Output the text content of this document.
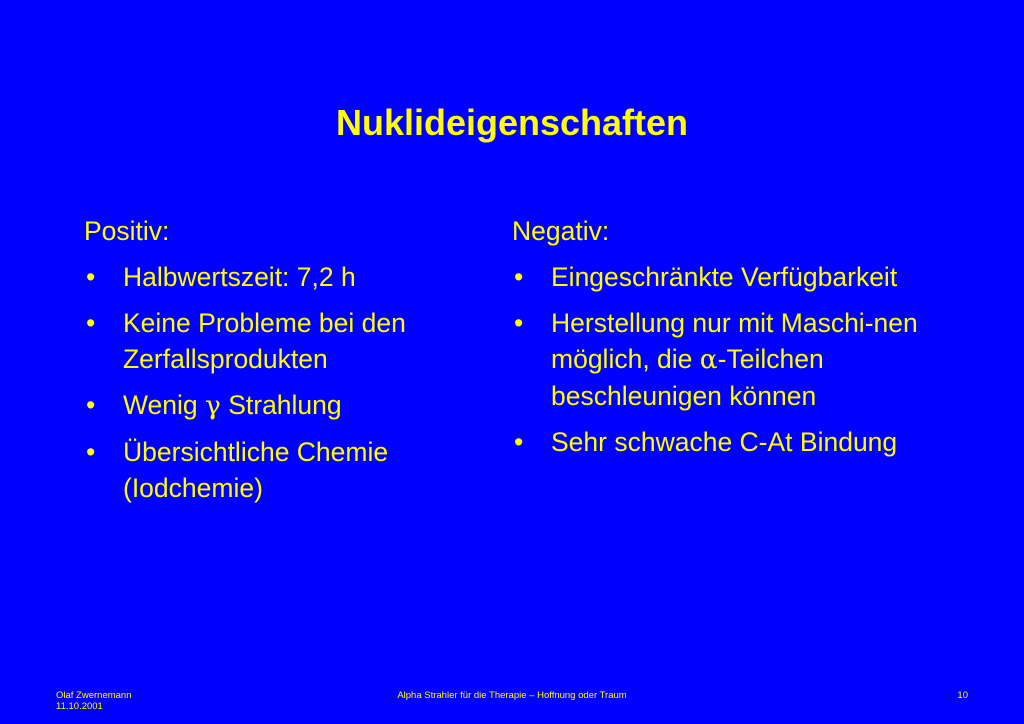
Nuklideigenschaften
Positiv:
• Halbwertszeit: 7,2 h
• Keine Probleme bei den Zerfallsprodukten
• Wenig γ Strahlung
• Übersichtliche Chemie (Iodchemie)
Negativ:
• Eingeschränkte Verfügbarkeit
• Herstellung nur mit Maschi-nen möglich, die α-Teilchen beschleunigen können
• Sehr schwache C-At Bindung
Olaf Zwernemann
11.10.2001
Alpha Strahler für die Therapie – Hoffnung oder Traum	10
